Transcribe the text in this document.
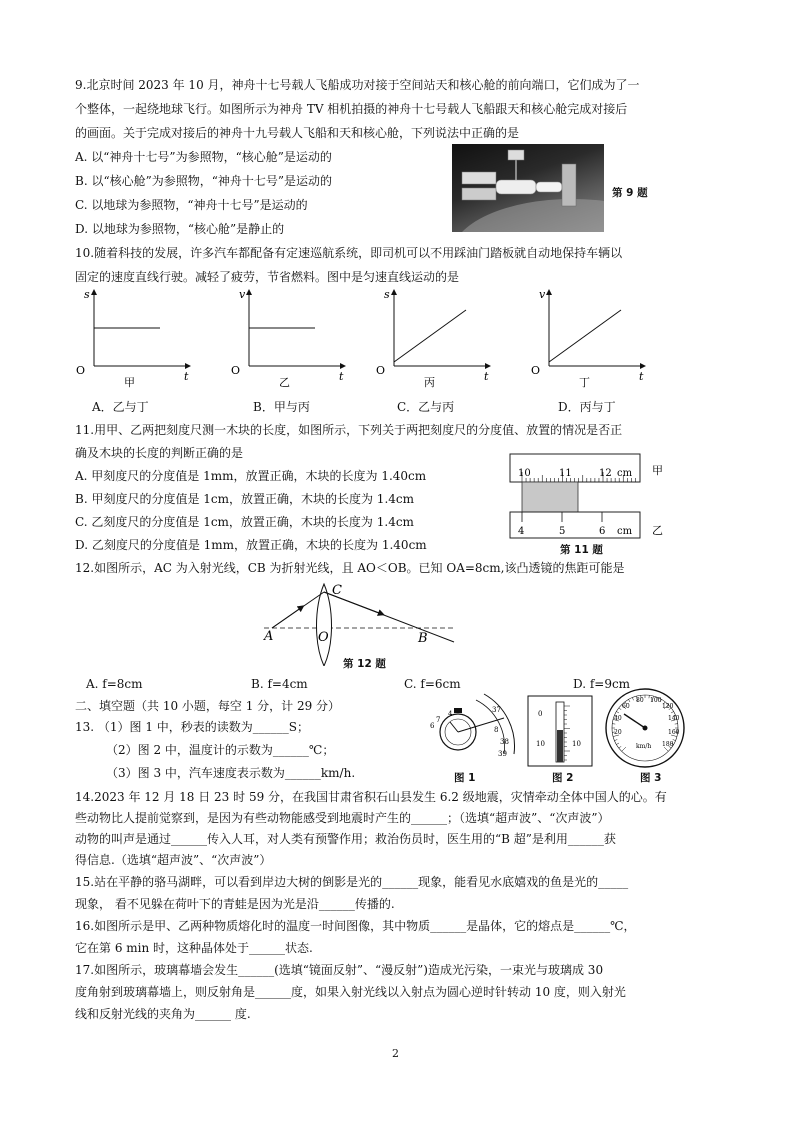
9.北京时间 2023 年 10 月，神舟十七号载人飞船成功对接于空间站天和核心舱的前向端口，它们成为了一
个整体，一起绕地球飞行。如图所示为神舟 TV 相机拍摄的神舟十七号载人飞船跟天和核心舱完成对接后
的画面。关于完成对接后的神舟十九号载人飞船和天和核心舱，下列说法中正确的是
A. 以“神舟十七号”为参照物，“核心舱”是运动的
B. 以“核心舱”为参照物，“神舟十七号”是运动的
C. 以地球为参照物，“神舟十七号”是运动的
D. 以地球为参照物，“核心舱”是静止的
第 9 题
10.随着科技的发展，许多汽车都配备有定速巡航系统，即司机可以不用踩油门踏板就自动地保持车辆以
固定的速度直线行驶。减轻了疲劳，节省燃料。图中是匀速直线运动的是
s
t
O
甲
v
t
O
乙
s
t
O
丙
v
t
O
丁
A．乙与丁	B．甲与丙	C．乙与丙	D．丙与丁
11.用甲、乙两把刻度尺测一木块的长度，如图所示，下列关于两把刻度尺的分度值、放置的情况是否正
确及木块的长度的判断正确的是
A. 甲刻度尺的分度值是 1mm，放置正确，木块的长度为 1.40cm
B. 甲刻度尺的分度值是 1cm，放置正确，木块的长度为 1.4cm
C. 乙刻度尺的分度值是 1cm，放置正确，木块的长度为 1.4cm
D. 乙刻度尺的分度值是 1mm，放置正确，木块的长度为 1.40cm
10	11	12 cm 甲
4	5	6 cm 乙
第 11 题
12.如图所示，AC 为入射光线，CB 为折射光线，且 AO＜OB。已知 OA=8cm,该凸透镜的焦距可能是
A	O	B
C
第 12 题
A. f=8cm	B. f=4cm	C. f=6cm	D. f=9cm
二、填空题（共 10 小题，每空 1 分，计 29 分）
13. （1）图 1 中，秒表的读数为______S；
（2）图 2 中，温度计的示数为______℃；
（3）图 3 中，汽车速度表示数为______km/h.
4
7
6
37
8
38
39
图 1
0
10	10
图 2
60
80 100
120
140
160
180
40
20
km/h
图 3
14.2023 年 12 月 18 日 23 时 59 分，在我国甘肃省积石山县发生 6.2 级地震，灾情牵动全体中国人的心。有
些动物比人提前觉察到，是因为有些动物能感受到地震时产生的______；（选填“超声波”、“次声波”）
动物的叫声是通过______传入人耳，对人类有预警作用；救治伤员时，医生用的“B 超”是利用______获
得信息.（选填“超声波”、“次声波”）
15.站在平静的骆马湖畔，可以看到岸边大树的倒影是光的______现象，能看见水底嬉戏的鱼是光的_____
现象， 看不见躲在荷叶下的青蛙是因为光是沿______传播的.
16.如图所示是甲、乙两种物质熔化时的温度一时间图像，其中物质______是晶体，它的熔点是______℃，
它在第 6 min 时，这种晶体处于______状态.
17.如图所示，玻璃幕墙会发生______(选填“镜面反射”、“漫反射”)造成光污染，一束光与玻璃成 30
度角射到玻璃幕墙上，则反射角是______度，如果入射光线以入射点为圆心逆时针转动 10 度，则入射光
线和反射光线的夹角为______ 度.
2
